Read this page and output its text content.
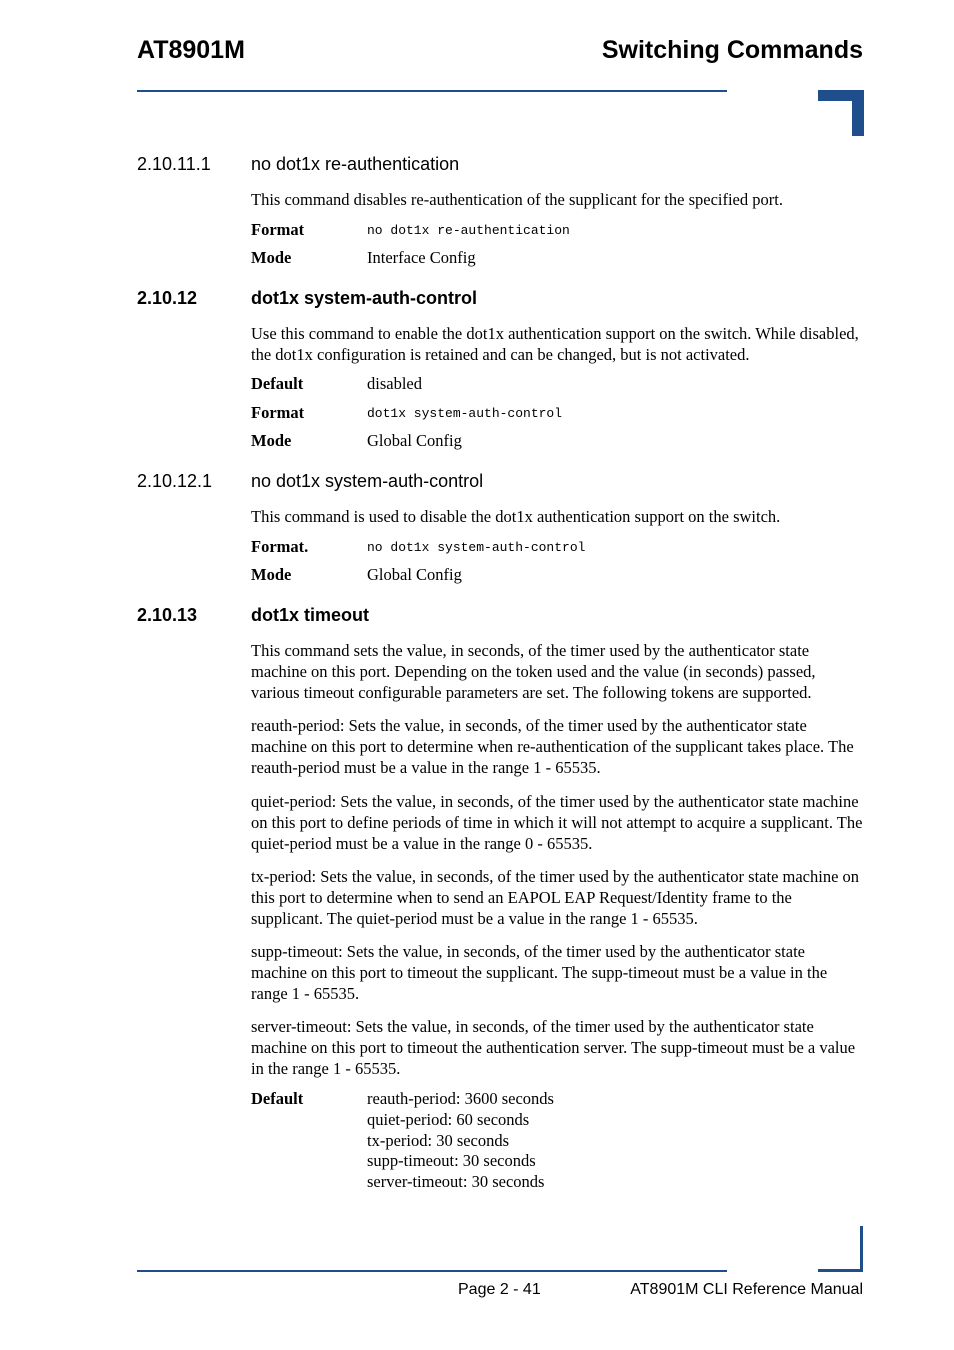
AT8901M	Switching Commands
2.10.11.1 no dot1x re-authentication
This command disables re-authentication of the supplicant for the specified port.
Format	no dot1x re-authentication
Mode	Interface Config
2.10.12	dot1x system-auth-control
Use this command to enable the dot1x authentication support on the switch. While disabled, the dot1x configuration is retained and can be changed, but is not activated.
Default	disabled
Format	dot1x system-auth-control
Mode	Global Config
2.10.12.1 no dot1x system-auth-control
This command is used to disable the dot1x authentication support on the switch.
Format.	no dot1x system-auth-control
Mode	Global Config
2.10.13	dot1x timeout
This command sets the value, in seconds, of the timer used by the authenticator state machine on this port. Depending on the token used and the value (in seconds) passed, various timeout configurable parameters are set. The following tokens are supported.
reauth-period: Sets the value, in seconds, of the timer used by the authenticator state machine on this port to determine when re-authentication of the supplicant takes place. The reauth-period must be a value in the range 1 - 65535.
quiet-period: Sets the value, in seconds, of the timer used by the authenticator state machine on this port to define periods of time in which it will not attempt to acquire a supplicant. The quiet-period must be a value in the range 0 - 65535.
tx-period: Sets the value, in seconds, of the timer used by the authenticator state machine on this port to determine when to send an EAPOL EAP Request/Identity frame to the supplicant. The quiet-period must be a value in the range 1 - 65535.
supp-timeout: Sets the value, in seconds, of the timer used by the authenticator state machine on this port to timeout the supplicant. The supp-timeout must be a value in the range 1 - 65535.
server-timeout: Sets the value, in seconds, of the timer used by the authenticator state machine on this port to timeout the authentication server. The supp-timeout must be a value in the range 1 - 65535.
Default	reauth-period: 3600 seconds
quiet-period: 60 seconds
tx-period: 30 seconds
supp-timeout: 30 seconds
server-timeout: 30 seconds
Page 2 - 41	AT8901M CLI Reference Manual
